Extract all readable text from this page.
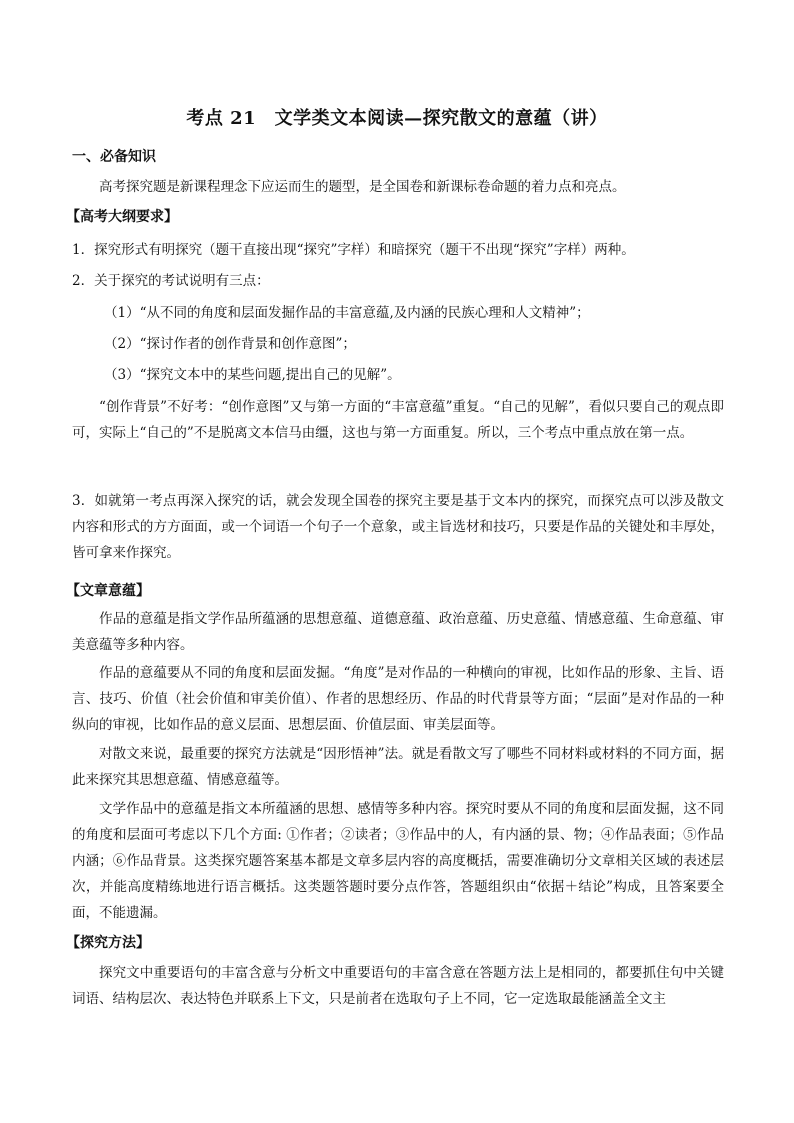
考点 21　文学类文本阅读—探究散文的意蕴（讲）

一、必备知识

高考探究题是新课程理念下应运而生的题型，是全国卷和新课标卷命题的着力点和亮点。

【高考大纲要求】

1．探究形式有明探究（题干直接出现“探究”字样）和暗探究（题干不出现“探究”字样）两种。

2．关于探究的考试说明有三点：

（1）“从不同的角度和层面发掘作品的丰富意蕴,及内涵的民族心理和人文精神”；

（2）“探讨作者的创作背景和创作意图”；

（3）“探究文本中的某些问题,提出自己的见解”。

“创作背景”不好考：“创作意图”又与第一方面的“丰富意蕴”重复。“自己的见解”，看似只要自己的观点即可，实际上“自己的”不是脱离文本信马由缰，这也与第一方面重复。所以，三个考点中重点放在第一点。

3．如就第一考点再深入探究的话，就会发现全国卷的探究主要是基于文本内的探究，而探究点可以涉及散文内容和形式的方方面面，或一个词语一个句子一个意象，或主旨选材和技巧，只要是作品的关键处和丰厚处，皆可拿来作探究。

【文章意蕴】

作品的意蕴是指文学作品所蕴涵的思想意蕴、道德意蕴、政治意蕴、历史意蕴、情感意蕴、生命意蕴、审美意蕴等多种内容。

作品的意蕴要从不同的角度和层面发掘。“角度”是对作品的一种横向的审视，比如作品的形象、主旨、语言、技巧、价值（社会价值和审美价值）、作者的思想经历、作品的时代背景等方面；“层面”是对作品的一种纵向的审视，比如作品的意义层面、思想层面、价值层面、审美层面等。

对散文来说，最重要的探究方法就是“因形悟神”法。就是看散文写了哪些不同材料或材料的不同方面，据此来探究其思想意蕴、情感意蕴等。

文学作品中的意蕴是指文本所蕴涵的思想、感情等多种内容。探究时要从不同的角度和层面发掘，这不同的角度和层面可考虑以下几个方面: ①作者；②读者；③作品中的人，有内涵的景、物；④作品表面；⑤作品内涵；⑥作品背景。这类探究题答案基本都是文章多层内容的高度概括，需要准确切分文章相关区域的表述层次，并能高度精练地进行语言概括。这类题答题时要分点作答，答题组织由“依据＋结论”构成，且答案要全面，不能遗漏。

【探究方法】

探究文中重要语句的丰富含意与分析文中重要语句的丰富含意在答题方法上是相同的，都要抓住句中关键词语、结构层次、表达特色并联系上下文，只是前者在选取句子上不同，它一定选取最能涵盖全文主
